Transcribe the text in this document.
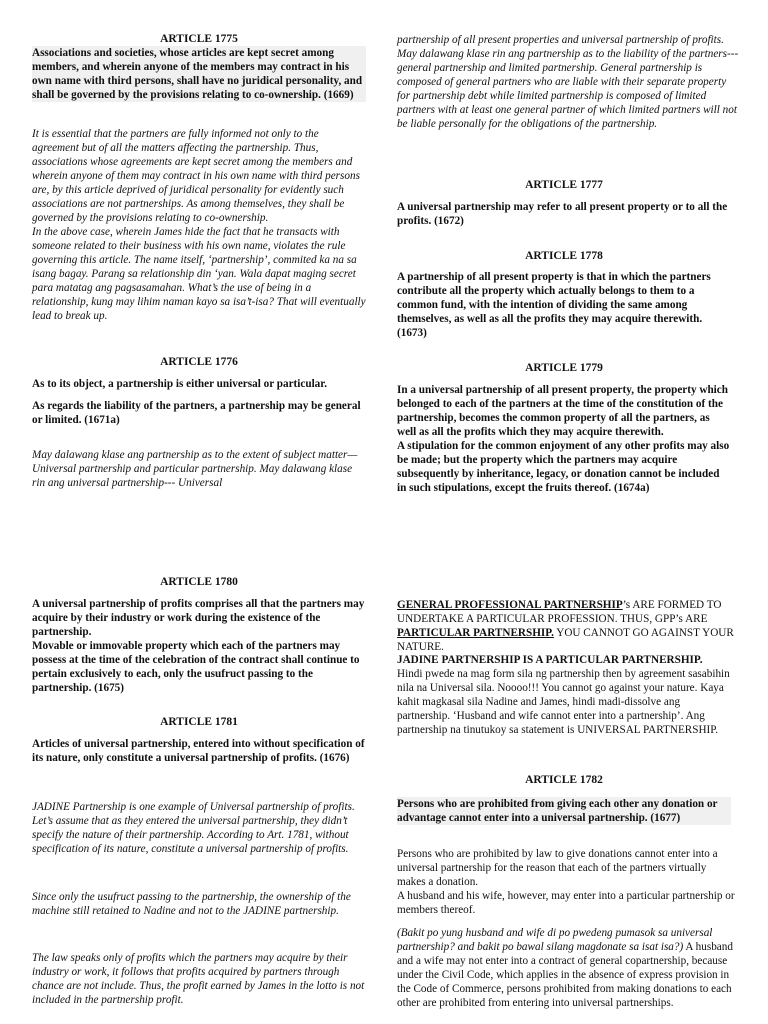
ARTICLE 1775
Associations and societies, whose articles are kept secret among members, and wherein anyone of the members may contract in his own name with third persons, shall have no juridical personality, and shall be governed by the provisions relating to co-ownership. (1669)
It is essential that the partners are fully informed not only to the agreement but of all the matters affecting the partnership. Thus, associations whose agreements are kept secret among the members and wherein anyone of them may contract in his own name with third persons are, by this article deprived of juridical personality for evidently such associations are not partnerships. As among themselves, they shall be governed by the provisions relating to co-ownership.
In the above case, wherein James hide the fact that he transacts with someone related to their business with his own name, violates the rule governing this article. The name itself, ‘partnership’, commited ka na sa isang bagay. Parang sa relationship din ‘yan. Wala dapat maging secret para matatag ang pagsasamahan. What’s the use of being in a relationship, kung may lihim naman kayo sa isa’t-isa? That will eventually lead to break up.
ARTICLE 1776
As to its object, a partnership is either universal or particular.
As regards the liability of the partners, a partnership may be general or limited. (1671a)
May dalawang klase ang partnership as to the extent of subject matter—Universal partnership and particular partnership. May dalawang klase rin ang universal partnership--- Universal
partnership of all present properties and universal partnership of profits.
May dalawang klase rin ang partnership as to the liability of the partners--- general partnership and limited partnership. General partnership is composed of general partners who are liable with their separate property for partnership debt while limited partnership is composed of limited partners with at least one general partner of which limited partners will not be liable personally for the obligations of the partnership.
ARTICLE 1777
A universal partnership may refer to all present property or to all the profits. (1672)
ARTICLE 1778
A partnership of all present property is that in which the partners contribute all the property which actually belongs to them to a common fund, with the intention of dividing the same among themselves, as well as all the profits they may acquire therewith. (1673)
ARTICLE 1779
In a universal partnership of all present property, the property which belonged to each of the partners at the time of the constitution of the partnership, becomes the common property of all the partners, as well as all the profits which they may acquire therewith.
A stipulation for the common enjoyment of any other profits may also be made; but the property which the partners may acquire subsequently by inheritance, legacy, or donation cannot be included in such stipulations, except the fruits thereof. (1674a)
ARTICLE 1780
A universal partnership of profits comprises all that the partners may acquire by their industry or work during the existence of the partnership.
Movable or immovable property which each of the partners may possess at the time of the celebration of the contract shall continue to pertain exclusively to each, only the usufruct passing to the partnership. (1675)
ARTICLE 1781
Articles of universal partnership, entered into without specification of its nature, only constitute a universal partnership of profits. (1676)
JADINE Partnership is one example of Universal partnership of profits. Let’s assume that as they entered the universal partnership, they didn’t specify the nature of their partnership. According to Art. 1781, without specification of its nature, constitute a universal partnership of profits.
Since only the usufruct passing to the partnership, the ownership of the machine still retained to Nadine and not to the JADINE partnership.
The law speaks only of profits which the partners may acquire by their industry or work, it follows that profits acquired by partners through chance are not include. Thus, the profit earned by James in the lotto is not included in the partnership profit.
GENERAL PROFESSIONAL PARTNERSHIP’s ARE FORMED TO UNDERTAKE A PARTICULAR PROFESSION. THUS, GPP’s ARE PARTICULAR PARTNERSHIP. YOU CANNOT GO AGAINST YOUR NATURE.
JADINE PARTNERSHIP IS A PARTICULAR PARTNERSHIP.
Hindi pwede na mag form sila ng partnership then by agreement sasabihin nila na Universal sila. Noooo!!! You cannot go against your nature. Kaya kahit magkasal sila Nadine and James, hindi madi-dissolve ang partnership. ‘Husband and wife cannot enter into a partnership’. Ang partnership na tinutukoy sa statement is UNIVERSAL PARTNERSHIP.
ARTICLE 1782
Persons who are prohibited from giving each other any donation or advantage cannot enter into a universal partnership. (1677)
Persons who are prohibited by law to give donations cannot enter into a universal partnership for the reason that each of the partners virtually makes a donation.
A husband and his wife, however, may enter into a particular partnership or members thereof.
(Bakit po yung husband and wife di po pwedeng pumasok sa universal partnership? and bakit po bawal silang magdonate sa isat isa?) A husband and a wife may not enter into a contract of general copartnership, because under the Civil Code, which applies in the absence of express provision in the Code of Commerce, persons prohibited from making donations to each other are prohibited from entering into universal partnerships.
